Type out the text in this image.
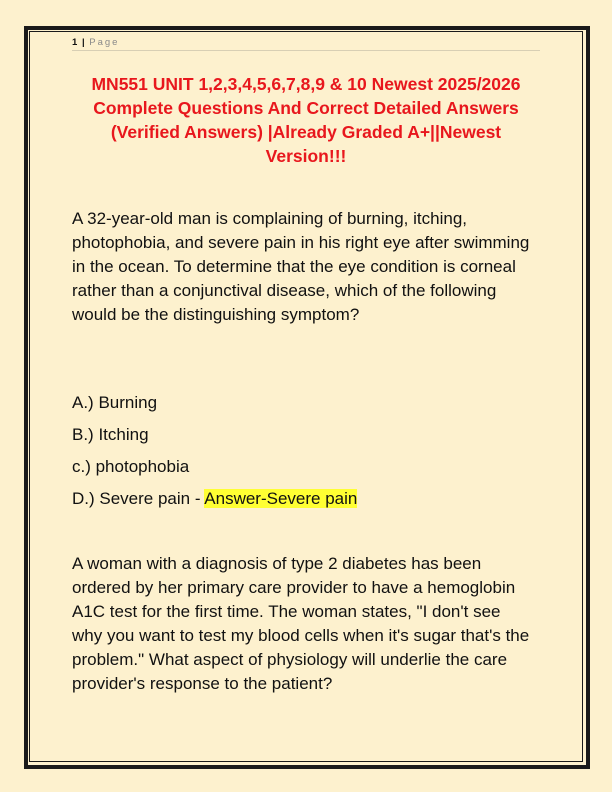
1 | Page
MN551 UNIT 1,2,3,4,5,6,7,8,9 & 10 Newest 2025/2026 Complete Questions And Correct Detailed Answers (Verified Answers) |Already Graded A+||Newest Version!!!
A 32-year-old man is complaining of burning, itching, photophobia, and severe pain in his right eye after swimming in the ocean. To determine that the eye condition is corneal rather than a conjunctival disease, which of the following would be the distinguishing symptom?
A.) Burning
B.) Itching
c.) photophobia
D.) Severe pain - Answer-Severe pain
A woman with a diagnosis of type 2 diabetes has been ordered by her primary care provider to have a hemoglobin A1C test for the first time. The woman states, "I don't see why you want to test my blood cells when it's sugar that's the problem." What aspect of physiology will underlie the care provider's response to the patient?
